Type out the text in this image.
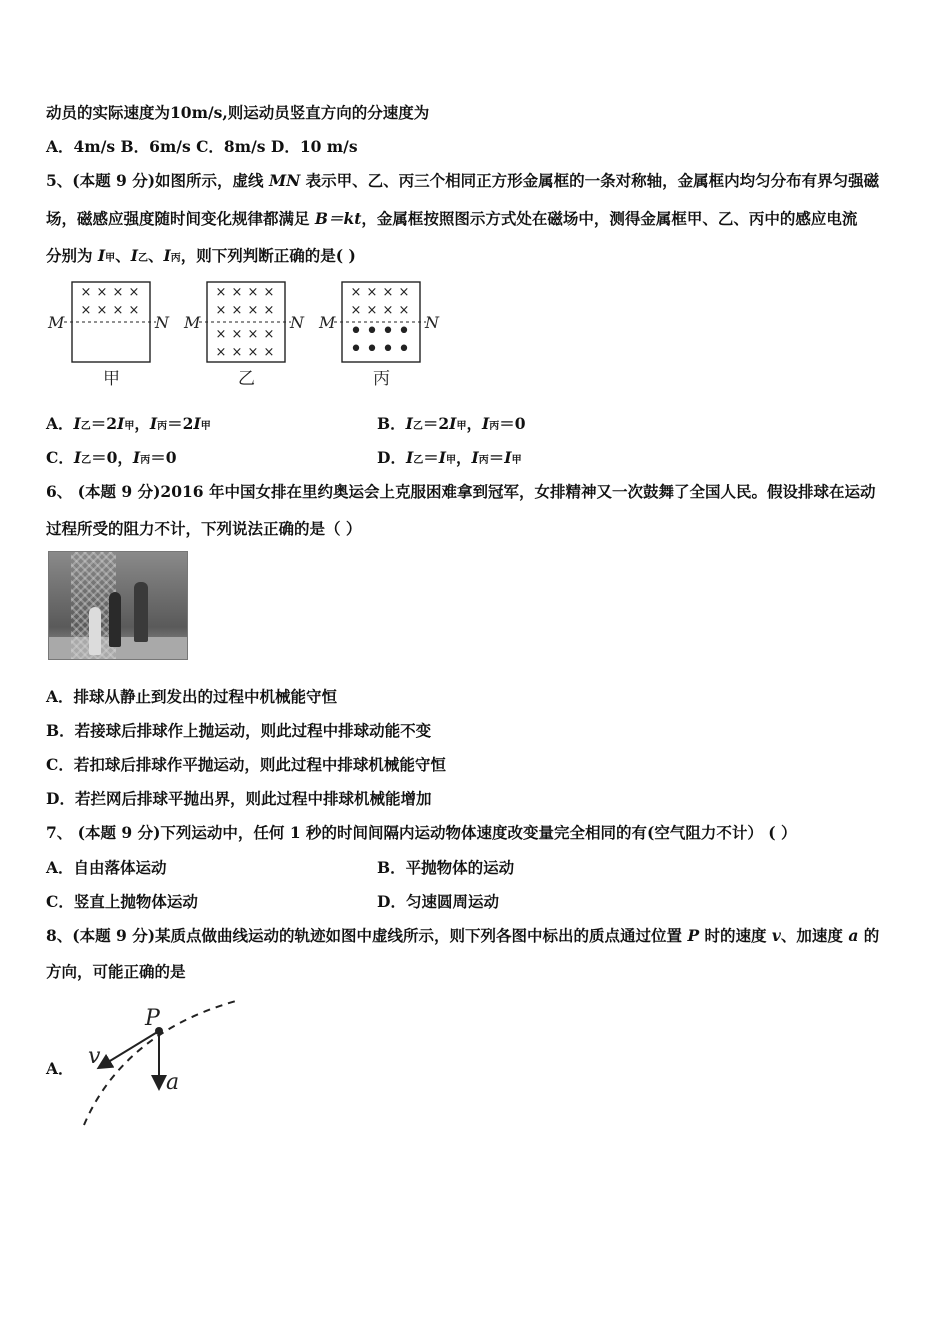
动员的实际速度为10m/s,则运动员竖直方向的分速度为
A．4m/s B．6m/s C．8m/s D．10 m/s
5、(本题 9 分)如图所示，虚线 MN 表示甲、乙、丙三个相同正方形金属框的一条对称轴，金属框内均匀分布有界匀强磁
场，磁感应强度随时间变化规律都满足 B＝kt，金属框按照图示方式处在磁场中，测得金属框甲、乙、丙中的感应电流
分别为 I甲、I乙、I丙，则下列判断正确的是( )
M	N M	N M	N
× × × ×
× × × ×
× × × ×
× × × ×
× × × ×
× × × ×
× × × ×
× × × ×
• • • •
• • • •
甲	乙	丙
A．I乙＝2I甲，I丙＝2I甲	B．I乙＝2I甲，I丙＝0
C．I乙＝0，I丙＝0	D．I乙＝I甲，I丙＝I甲
6、 (本题 9 分)2016 年中国女排在里约奥运会上克服困难拿到冠军，女排精神又一次鼓舞了全国人民。假设排球在运动
过程所受的阻力不计，下列说法正确的是（ ）
A．排球从静止到发出的过程中机械能守恒
B．若接球后排球作上抛运动，则此过程中排球动能不变
C．若扣球后排球作平抛运动，则此过程中排球机械能守恒
D．若拦网后排球平抛出界，则此过程中排球机械能增加
7、 (本题 9 分)下列运动中，任何 1 秒的时间间隔内运动物体速度改变量完全相同的有(空气阻力不计） ( ）
A．自由落体运动	B．平抛物体的运动
C．竖直上抛物体运动	D．匀速圆周运动
8、(本题 9 分)某质点做曲线运动的轨迹如图中虚线所示，则下列各图中标出的质点通过位置 P 时的速度 v、加速度 a 的
方向，可能正确的是
A．
P
v
a
